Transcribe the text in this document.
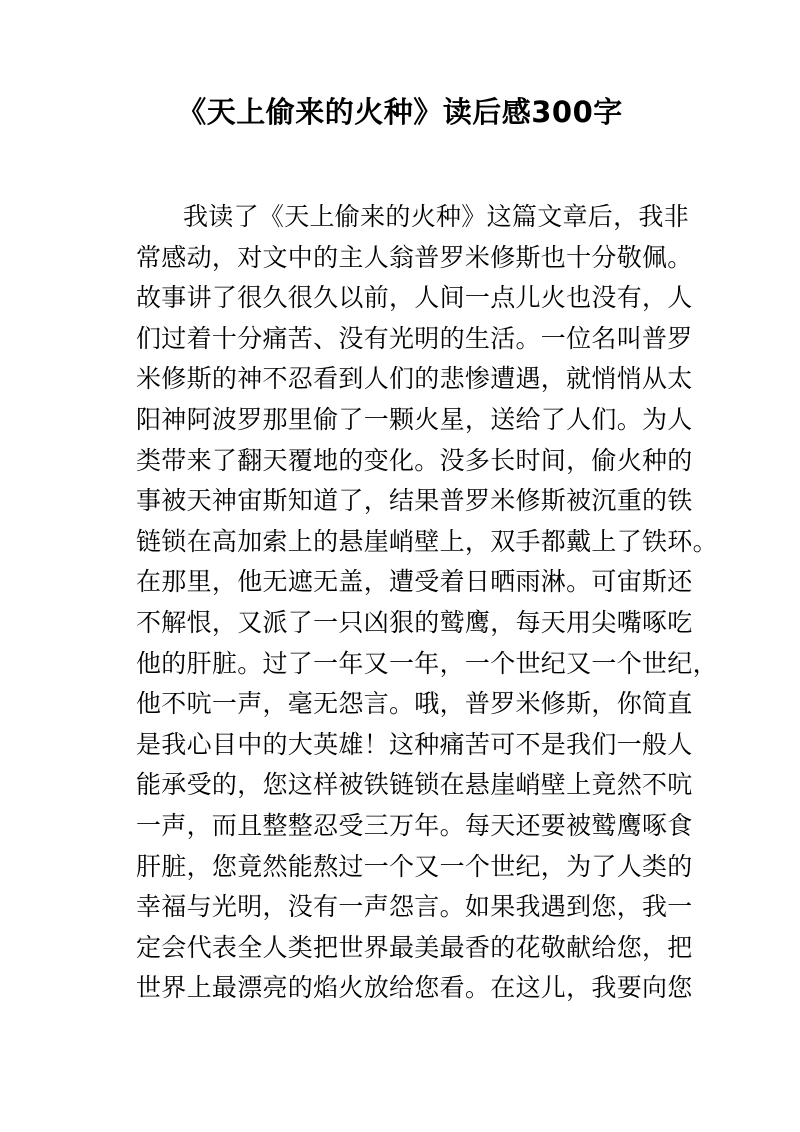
《天上偷来的火种》读后感300字
我读了《天上偷来的火种》这篇文章后，我非
常感动，对文中的主人翁普罗米修斯也十分敬佩。
故事讲了很久很久以前，人间一点儿火也没有，人
们过着十分痛苦、没有光明的生活。一位名叫普罗
米修斯的神不忍看到人们的悲惨遭遇，就悄悄从太
阳神阿波罗那里偷了一颗火星，送给了人们。为人
类带来了翻天覆地的变化。没多长时间，偷火种的
事被天神宙斯知道了，结果普罗米修斯被沉重的铁
链锁在高加索上的悬崖峭壁上，双手都戴上了铁环。
在那里，他无遮无盖，遭受着日晒雨淋。可宙斯还
不解恨，又派了一只凶狠的鹫鹰，每天用尖嘴啄吃
他的肝脏。过了一年又一年，一个世纪又一个世纪，
他不吭一声，毫无怨言。哦，普罗米修斯，你简直
是我心目中的大英雄！这种痛苦可不是我们一般人
能承受的，您这样被铁链锁在悬崖峭壁上竟然不吭
一声，而且整整忍受三万年。每天还要被鹫鹰啄食
肝脏，您竟然能熬过一个又一个世纪，为了人类的
幸福与光明，没有一声怨言。如果我遇到您，我一
定会代表全人类把世界最美最香的花敬献给您，把
世界上最漂亮的焰火放给您看。在这儿，我要向您
